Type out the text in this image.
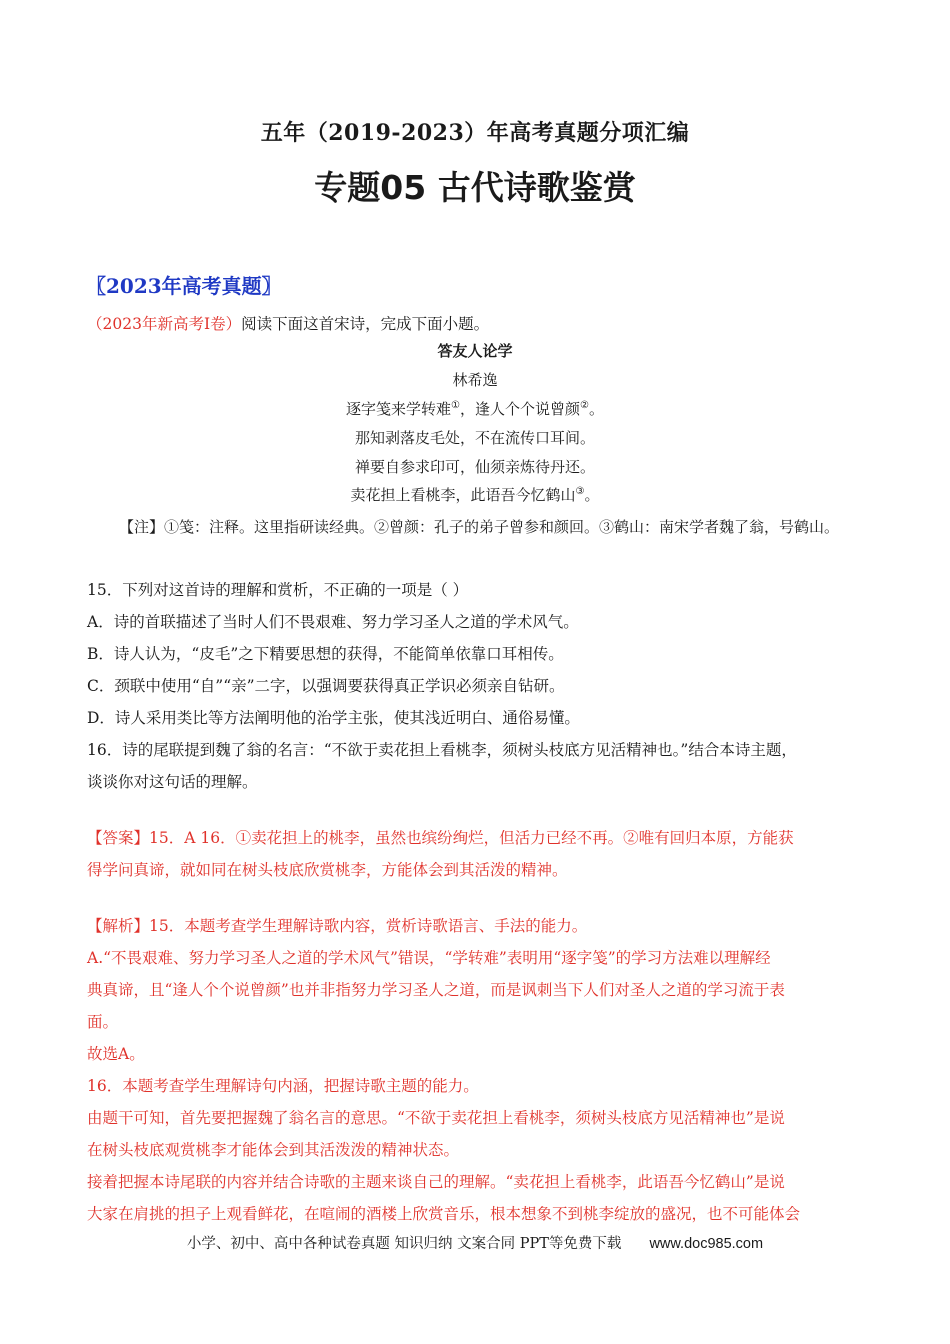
五年（2019-2023）年高考真题分项汇编
专题05 古代诗歌鉴赏
〖2023年高考真题〗
（2023年新高考Ⅰ卷）阅读下面这首宋诗，完成下面小题。
答友人论学
林希逸
逐字笺来学转难①，逢人个个说曾颜②。
那知剥落皮毛处，不在流传口耳间。
禅要自参求印可，仙须亲炼待丹还。
卖花担上看桃李，此语吾今忆鹤山③。
【注】①笺：注释。这里指研读经典。②曾颜：孔子的弟子曾参和颜回。③鹤山：南宋学者魏了翁，号鹤山。
15．下列对这首诗的理解和赏析，不正确的一项是（ ）
A．诗的首联描述了当时人们不畏艰难、努力学习圣人之道的学术风气。
B．诗人认为，“皮毛”之下精要思想的获得，不能简单依靠口耳相传。
C．颈联中使用“自”“亲”二字，以强调要获得真正学识必须亲自钻研。
D．诗人采用类比等方法阐明他的治学主张，使其浅近明白、通俗易懂。
16．诗的尾联提到魏了翁的名言：“不欲于卖花担上看桃李，须树头枝底方见活精神也。”结合本诗主题，
谈谈你对这句话的理解。
【答案】15．A 16．①卖花担上的桃李，虽然也缤纷绚烂，但活力已经不再。②唯有回归本原，方能获
得学问真谛，就如同在树头枝底欣赏桃李，方能体会到其活泼的精神。
【解析】15．本题考查学生理解诗歌内容，赏析诗歌语言、手法的能力。
A.“不畏艰难、努力学习圣人之道的学术风气”错误，“学转难”表明用“逐字笺”的学习方法难以理解经
典真谛，且“逢人个个说曾颜”也并非指努力学习圣人之道，而是讽刺当下人们对圣人之道的学习流于表
面。
故选A。
16．本题考查学生理解诗句内涵，把握诗歌主题的能力。
由题干可知，首先要把握魏了翁名言的意思。“不欲于卖花担上看桃李，须树头枝底方见活精神也”是说
在树头枝底观赏桃李才能体会到其活泼泼的精神状态。
接着把握本诗尾联的内容并结合诗歌的主题来谈自己的理解。“卖花担上看桃李，此语吾今忆鹤山”是说
大家在肩挑的担子上观看鲜花，在喧闹的酒楼上欣赏音乐，根本想象不到桃李绽放的盛况，也不可能体会
小学、初中、高中各种试卷真题 知识归纳 文案合同 PPT等免费下载 www.doc985.com
